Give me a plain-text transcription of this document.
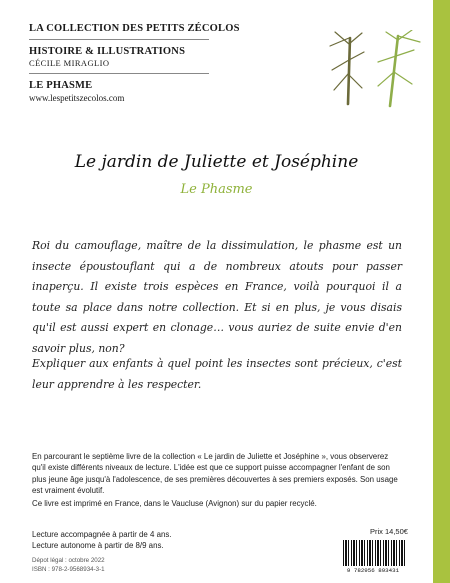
LA COLLECTION DES PETITS ZÉCOLOS
HISTOIRE & ILLUSTRATIONS
CÉCILE MIRAGLIO
LE PHASME
www.lespetitszecolos.com
Le jardin de Juliette et Joséphine
Le Phasme
Roi du camouflage, maître de la dissimulation, le phasme est un insecte époustouflant qui a de nombreux atouts pour passer inaperçu. Il existe trois espèces en France, voilà pourquoi il a toute sa place dans notre collection. Et si en plus, je vous disais qu'il est aussi expert en clonage… vous auriez de suite envie d'en savoir plus, non?
Expliquer aux enfants à quel point les insectes sont précieux, c'est leur apprendre à les respecter.
En parcourant le septième livre de la collection « Le jardin de Juliette et Joséphine », vous observerez qu'il existe différents niveaux de lecture. L'idée est que ce support puisse accompagner l'enfant de son plus jeune âge jusqu'à l'adolescence, de ses premières découvertes à ses premiers exposés. Son usage est vraiment évolutif.
Ce livre est imprimé en France, dans le Vaucluse (Avignon) sur du papier recyclé.
Lecture accompagnée à partir de 4 ans.
Lecture autonome à partir de 8/9 ans.
Dépot légal : octobre 2022
ISBN : 978-2-9568934-3-1
Prix 14,50€
9 782956 893431
